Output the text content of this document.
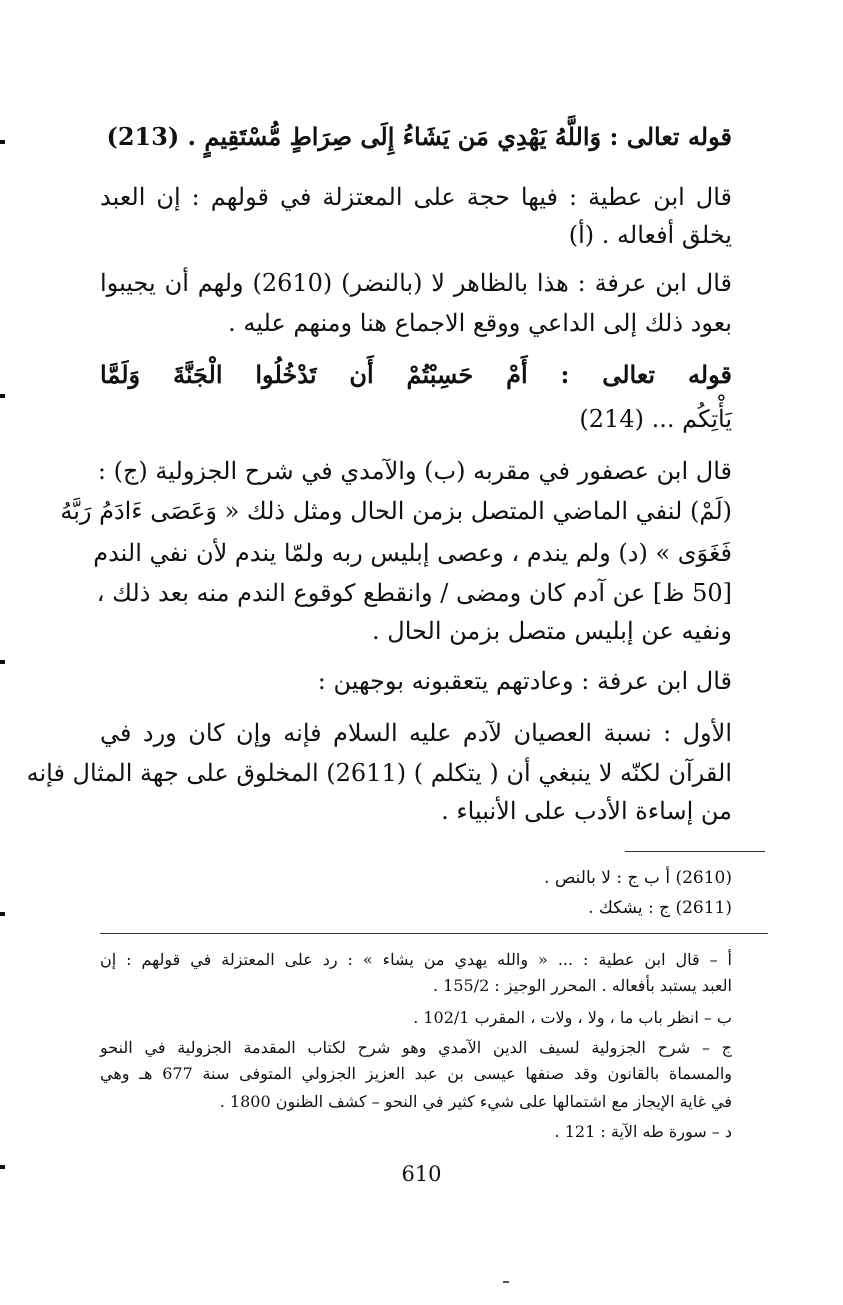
قوله تعالى : وَاللَّهُ يَهْدِي مَن يَشَاءُ إِلَى صِرَاطٍ مُّسْتَقِيمٍ . (213)
قال ابن عطية : فيها حجة على المعتزلة في قولهم : إن العبد
يخلق أفعاله . (أ)
قال ابن عرفة : هذا بالظاهر لا (بالنضر) (2610) ولهم أن يجيبوا
بعود ذلك إلى الداعي ووقع الاجماع هنا ومنهم عليه .
قوله تعالى : أَمْ حَسِبْتُمْ أَن تَدْخُلُوا الْجَنَّةَ وَلَمَّا
يَأْتِكُم ... (214)
قال ابن عصفور في مقربه (ب) والآمدي في شرح الجزولية (ج) :
(لَمْ) لنفي الماضي المتصل بزمن الحال ومثل ذلك « وَعَصَى ءَادَمُ رَبَّهُ
فَغَوَى » (د) ولم يندم ، وعصى إبليس ربه ولمّا يندم لأن نفي الندم
[50 ظ] عن آدم كان ومضى / وانقطع كوقوع الندم منه بعد ذلك ،
ونفيه عن إبليس متصل بزمن الحال .
قال ابن عرفة : وعادتهم يتعقبونه بوجهين :
الأول : نسبة العصيان لآدم عليه السلام فإنه وإن كان ورد في
القرآن لكنّه لا ينبغي أن ( يتكلم ) (2611) المخلوق على جهة المثال فإنه
من إساءة الأدب على الأنبياء .
(2610) أ ب ج : لا بالنص .
(2611) ج : يشكك .
أ – قال ابن عطية : ... « والله يهدي من يشاء » : رد على المعتزلة في قولهم : إن
العبد يستبد بأفعاله . المحرر الوجيز : 155/2 .
ب – انظر باب ما ، ولا ، ولات ، المقرب 102/1 .
ج – شرح الجزولية لسيف الدين الآمدي وهو شرح لكتاب المقدمة الجزولية في النحو
والمسماة بالقانون وقد صنفها عيسى بن عبد العزيز الجزولي المتوفى سنة 677 هـ وهي
في غاية الإيجاز مع اشتمالها على شيء كثير في النحو – كشف الظنون 1800 .
د – سورة طه الآية : 121 .
610
